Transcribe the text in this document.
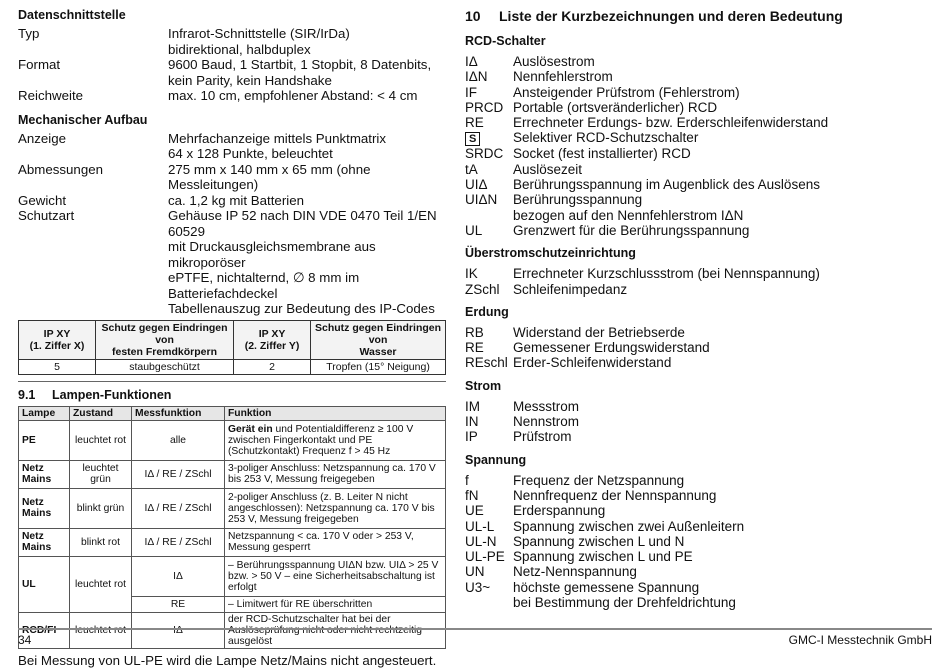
Datenschnittstelle
Typ	Infrarot-Schnittstelle (SIR/IrDa)
bidirektional, halbduplex
Format	9600 Baud, 1 Startbit, 1 Stopbit, 8 Datenbits,
kein Parity, kein Handshake
Reichweite	max. 10 cm, empfohlener Abstand: < 4 cm
Mechanischer Aufbau
Anzeige	Mehrfachanzeige mittels Punktmatrix
64 x 128 Punkte, beleuchtet
Abmessungen	275 mm x 140 mm x 65 mm (ohne Messleitungen)
Gewicht	ca. 1,2 kg mit Batterien
Schutzart	Gehäuse IP 52 nach DIN VDE 0470 Teil 1/EN 60529
mit Druckausgleichsmembrane aus mikroporöser
ePTFE, nichtalternd, ∅ 8 mm im Batteriefachdeckel
Tabellenauszug zur Bedeutung des IP-Codes
IP XY
(1. Ziffer X)	Schutz gegen Eindringen von
festen Fremdkörpern	IP XY
(2. Ziffer Y)	Schutz gegen Eindringen von
Wasser
5	staubgeschützt	2	Tropfen (15° Neigung)
9.1 Lampen-Funktionen
Lampe	Zustand	Messfunktion	Funktion
PE	leuchtet rot	alle	Gerät ein und Potentialdifferenz ≥ 100 V zwischen Fingerkontakt und PE (Schutzkontakt) Frequenz f > 45 Hz
Netz Mains	leuchtet grün	IΔ / RE / ZSchl	3-poliger Anschluss: Netzspannung ca. 170 V bis 253 V, Messung freigegeben
Netz Mains	blinkt grün	IΔ / RE / ZSchl	2-poliger Anschluss (z. B. Leiter N nicht angeschlossen): Netzspannung ca. 170 V bis 253 V, Messung freigegeben
Netz Mains	blinkt rot	IΔ / RE / ZSchl	Netzspannung < ca. 170 V oder > 253 V, Messung gesperrt
UL	leuchtet rot	IΔ	– Berührungsspannung UIΔN bzw. UIΔ > 25 V bzw. > 50 V – eine Sicherheitsabschaltung ist erfolgt
		RE	– Limitwert für RE überschritten
RCD/FI	leuchtet rot	IΔ	der RCD-Schutzschalter hat bei der Auslöseprüfung nicht oder nicht rechtzeitig ausgelöst
Bei Messung von UL-PE wird die Lampe Netz/Mains nicht angesteuert.
10 Liste der Kurzbezeichnungen und deren Bedeutung
RCD-Schalter
IΔ	Auslösestrom
IΔN	Nennfehlerstrom
IF	Ansteigender Prüfstrom (Fehlerstrom)
PRCD Portable (ortsveränderlicher) RCD
RE	Errechneter Erdungs- bzw. Erderschleifenwiderstand
S	Selektiver RCD-Schutzschalter
SRDC Socket (fest installierter) RCD
tA	Auslösezeit
UIΔ	Berührungsspannung im Augenblick des Auslösens
UIΔN	Berührungsspannung
bezogen auf den Nennfehlerstrom IΔN
UL	Grenzwert für die Berührungsspannung
Überstromschutzeinrichtung
IK	Errechneter Kurzschlussstrom (bei Nennspannung)
ZSchl Schleifenimpedanz
Erdung
RB	Widerstand der Betriebserde
RE	Gemessener Erdungswiderstand
REschl Erder-Schleifenwiderstand
Strom
IM	Messstrom
IN	Nennstrom
IP	Prüfstrom
Spannung
f	Frequenz der Netzspannung
fN	Nennfrequenz der Nennspannung
UE	Erderspannung
UL-L	Spannung zwischen zwei Außenleitern
UL-N	Spannung zwischen L und N
UL-PE Spannung zwischen L und PE
UN	Netz-Nennspannung
U3~	höchste gemessene Spannung
bei Bestimmung der Drehfeldrichtung
34	GMC-I Messtechnik GmbH
